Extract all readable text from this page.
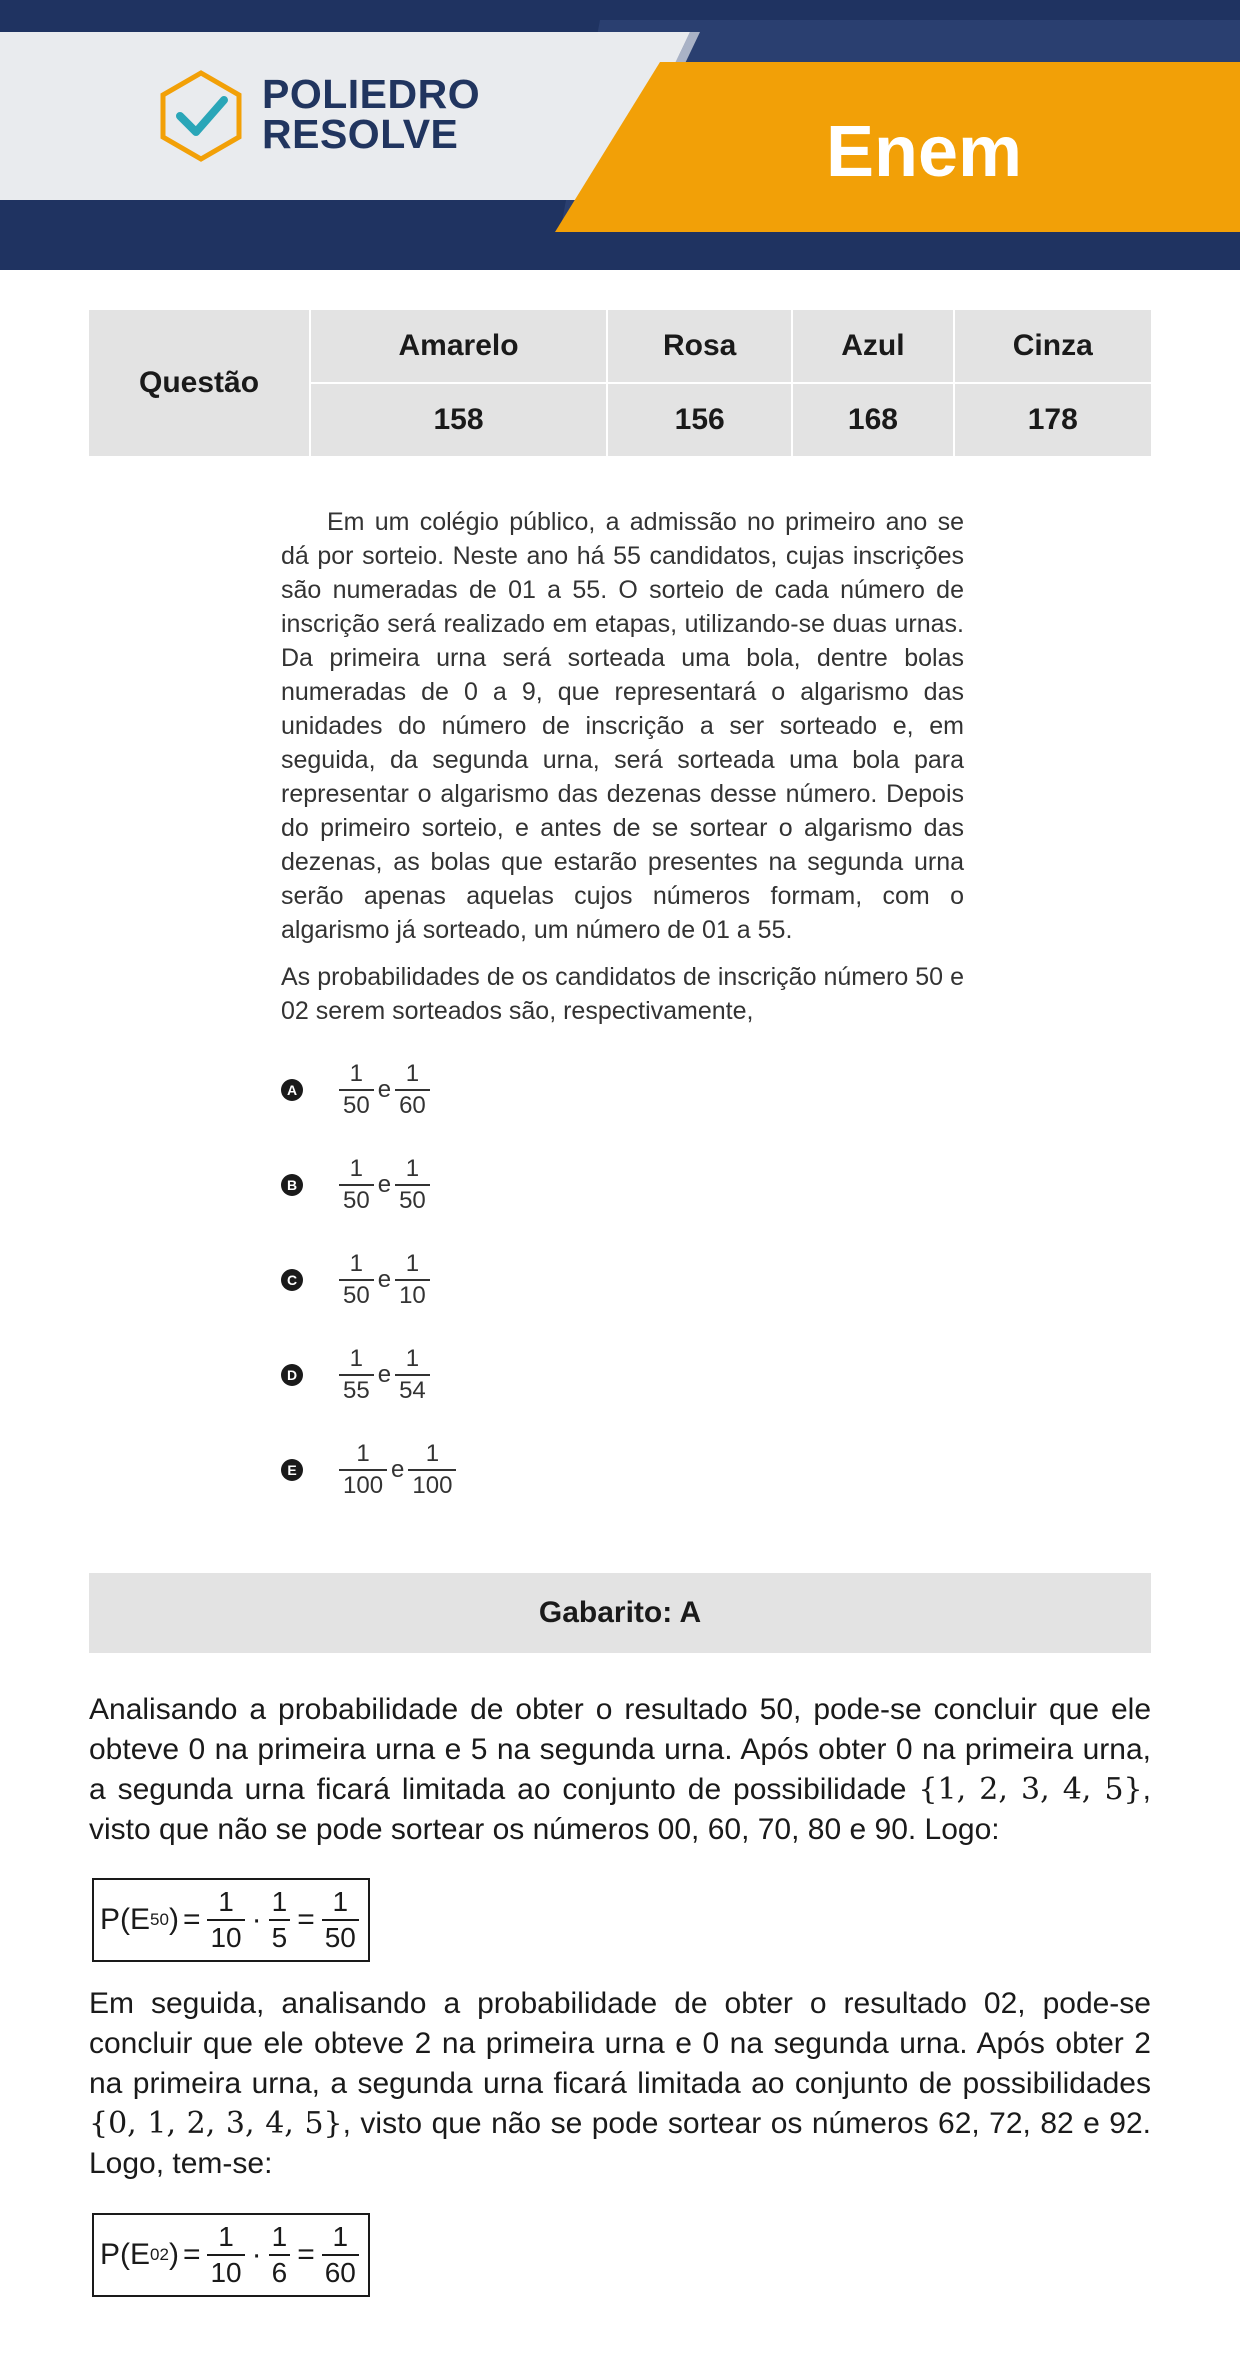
POLIEDRO
RESOLVE	Enem
Questão	Amarelo	Rosa	Azul	Cinza
	158	156	168	178

Em um colégio público, a admissão no primeiro ano se dá por sorteio. Neste ano há 55 candidatos, cujas inscrições são numeradas de 01 a 55. O sorteio de cada número de inscrição será realizado em etapas, utilizando-se duas urnas. Da primeira urna será sorteada uma bola, dentre bolas numeradas de 0 a 9, que representará o algarismo das unidades do número de inscrição a ser sorteado e, em seguida, da segunda urna, será sorteada uma bola para representar o algarismo das dezenas desse número. Depois do primeiro sorteio, e antes de se sortear o algarismo das dezenas, as bolas que estarão presentes na segunda urna serão apenas aquelas cujos números formam, com o algarismo já sorteado, um número de 01 a 55.

As probabilidades de os candidatos de inscrição número 50 e 02 serem sorteados são, respectivamente,

A $\frac{1}{50}$ e $\frac{1}{60}$
B $\frac{1}{50}$ e $\frac{1}{50}$
C $\frac{1}{50}$ e $\frac{1}{10}$
D $\frac{1}{55}$ e $\frac{1}{54}$
E $\frac{1}{100}$ e $\frac{1}{100}$
Gabarito: A

Analisando a probabilidade de obter o resultado 50, pode-se concluir que ele obteve 0 na primeira urna e 5 na segunda urna. Após obter 0 na primeira urna, a segunda urna ficará limitada ao conjunto de possibilidade {1, 2, 3, 4, 5}, visto que não se pode sortear os números 00, 60, 70, 80 e 90. Logo:

P(E 50 ) = $\frac{1}{10} \cdot \frac{1}{5} = \frac{1}{50}$

Em seguida, analisando a probabilidade de obter o resultado 02, pode-se concluir que ele obteve 2 na primeira urna e 0 na segunda urna. Após obter 2 na primeira urna, a segunda urna ficará limitada ao conjunto de possibilidades {0, 1, 2, 3, 4, 5}, visto que não se pode sortear os números 62, 72, 82 e 92. Logo, tem-se:

P(E 02 ) = $\frac{1}{10} \cdot \frac{1}{6} = \frac{1}{60}$
